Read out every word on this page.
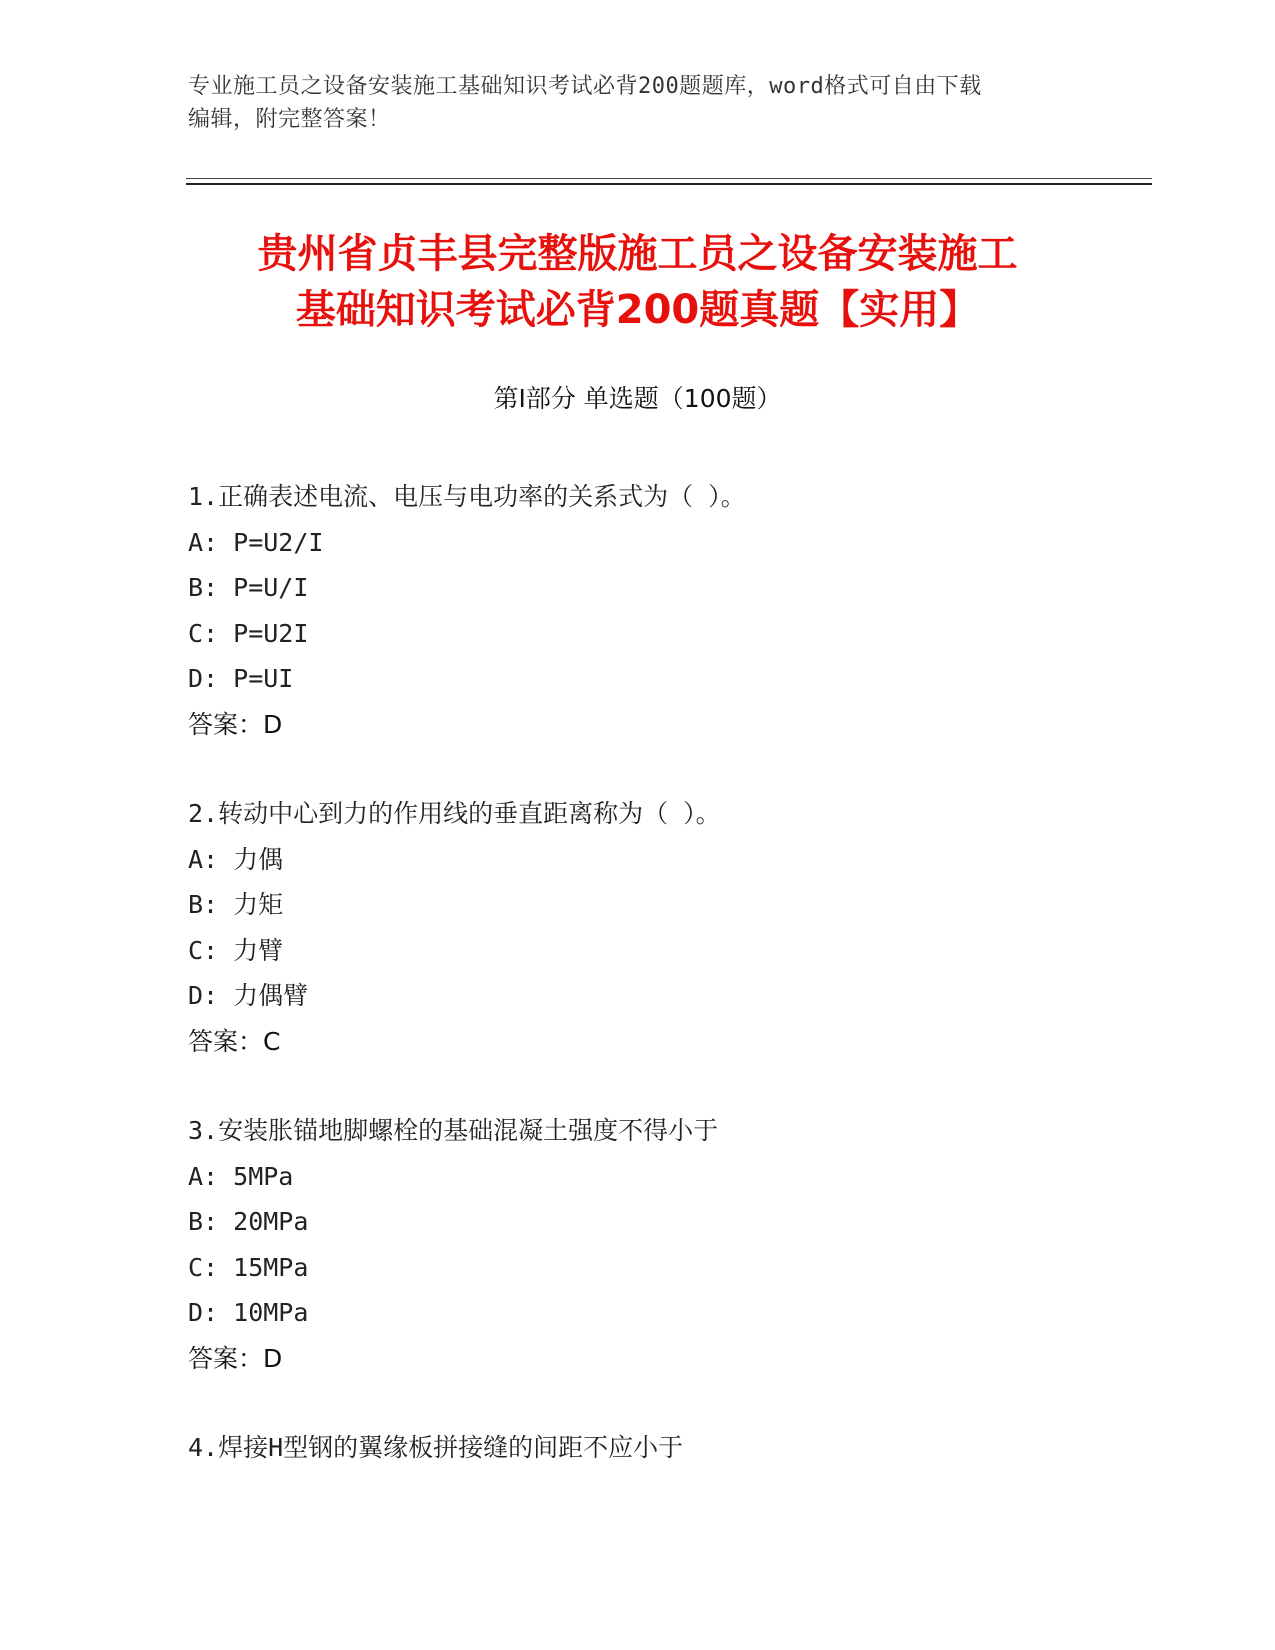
专业施工员之设备安装施工基础知识考试必背200题题库，word格式可自由下载
编辑，附完整答案！
贵州省贞丰县完整版施工员之设备安装施工
基础知识考试必背200题真题【实用】
第Ⅰ部分 单选题（100题）
1.正确表述电流、电压与电功率的关系式为（ ）。
A: P=U2/I
B: P=U/I
C: P=U2I
D: P=UI
答案：D
2.转动中心到力的作用线的垂直距离称为（ ）。
A: 力偶
B: 力矩
C: 力臂
D: 力偶臂
答案：C
3.安装胀锚地脚螺栓的基础混凝土强度不得小于
A: 5MPa
B: 20MPa
C: 15MPa
D: 10MPa
答案：D
4.焊接H型钢的翼缘板拼接缝的间距不应小于
